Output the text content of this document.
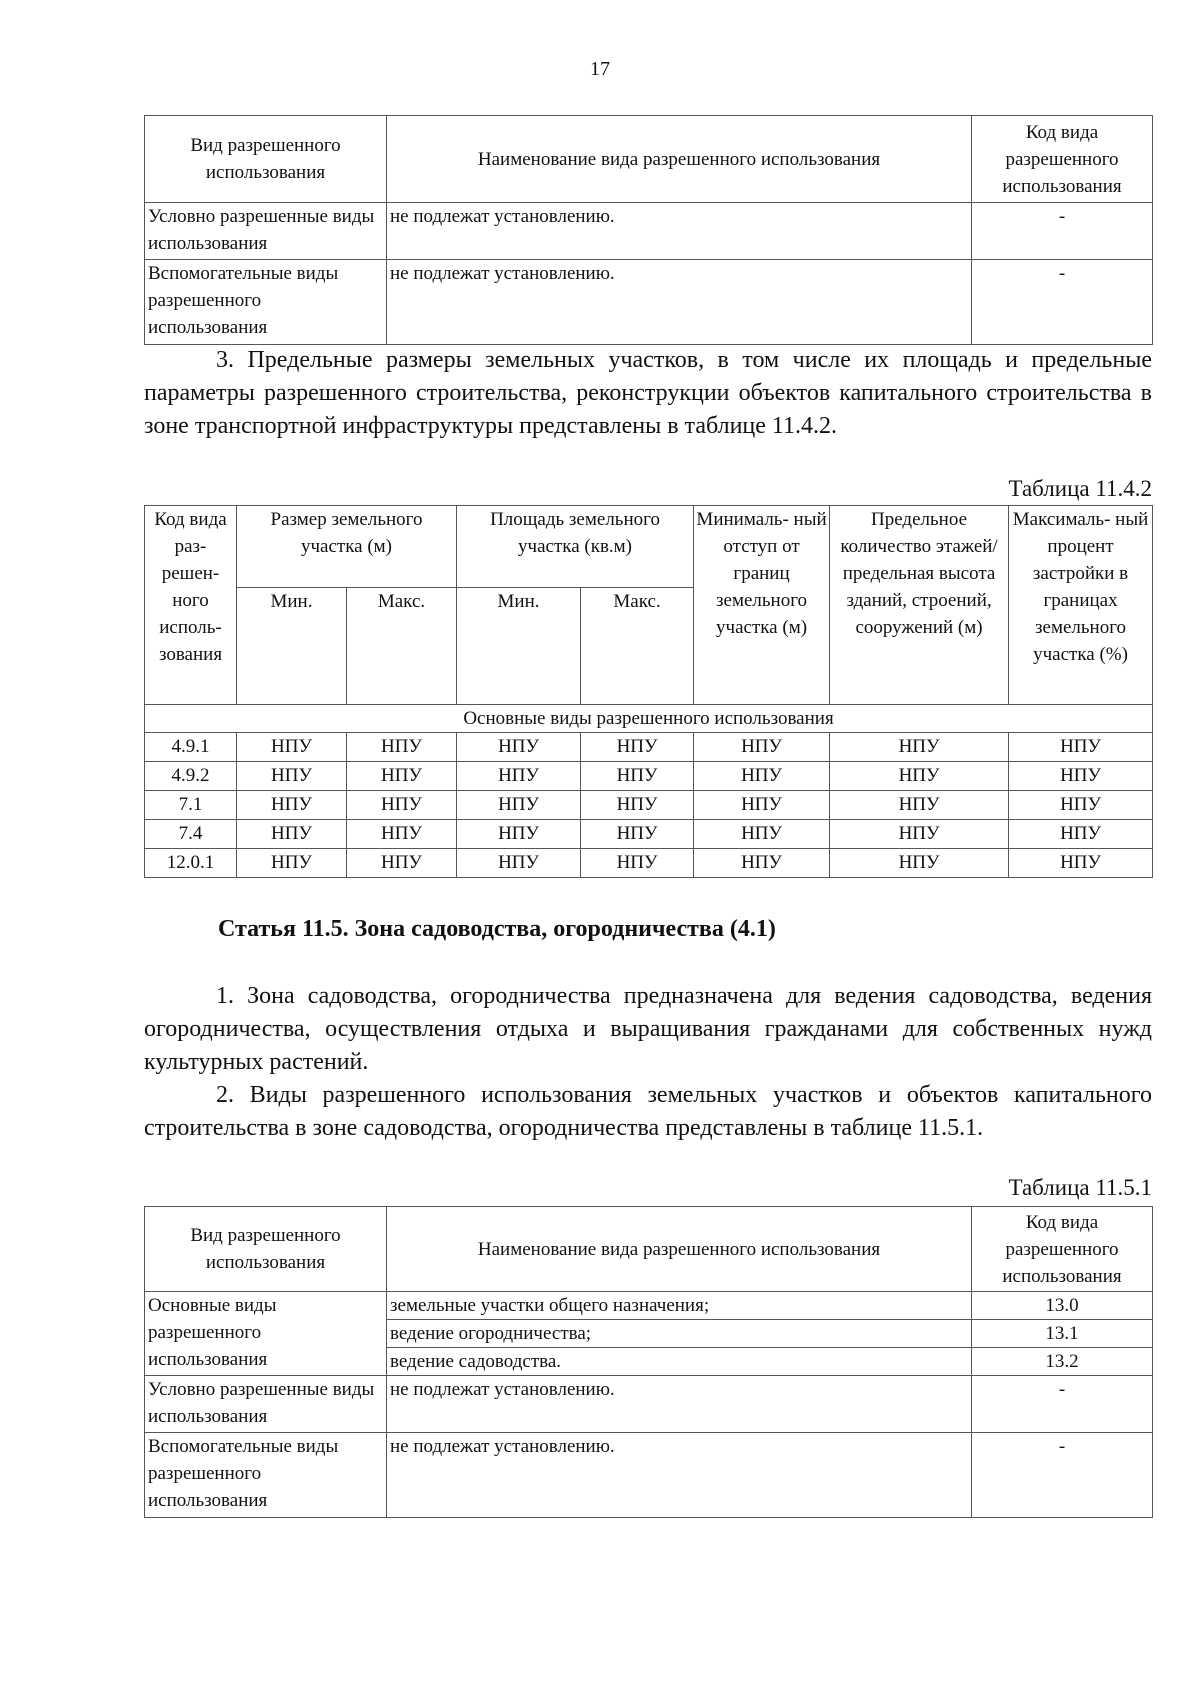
17
Вид разрешенного использования	Наименование вида разрешенного использования	Код вида разрешенного использования
Условно разрешенные виды использования	не подлежат установлению.	-
Вспомогательные виды разрешенного использования	не подлежат установлению.	-

3. Предельные размеры земельных участков, в том числе их площадь и предельные параметры разрешенного строительства, реконструкции объектов капитального строительства в зоне транспортной инфраструктуры представлены в таблице 11.4.2.

Таблица 11.4.2
Код вида раз- решен- ного исполь- зования	Размер земельного участка (м)		Площадь земельного участка (кв.м)		Минималь- ный отступ от границ земельного участка (м)	Предельное количество этажей/ предельная высота зданий, строений, сооружений (м)	Максималь- ный процент застройки в границах земельного участка (%)
	Мин.	Макс.	Мин.	Макс.			
Основные виды разрешенного использования							
4.9.1	НПУ	НПУ	НПУ	НПУ	НПУ	НПУ	НПУ
4.9.2	НПУ	НПУ	НПУ	НПУ	НПУ	НПУ	НПУ
7.1	НПУ	НПУ	НПУ	НПУ	НПУ	НПУ	НПУ
7.4	НПУ	НПУ	НПУ	НПУ	НПУ	НПУ	НПУ
12.0.1	НПУ	НПУ	НПУ	НПУ	НПУ	НПУ	НПУ
Статья 11.5. Зона садоводства, огородничества (4.1)

1. Зона садоводства, огородничества предназначена для ведения садоводства, ведения огородничества, осуществления отдыха и выращивания гражданами для собственных нужд культурных растений.

2. Виды разрешенного использования земельных участков и объектов капитального строительства в зоне садоводства, огородничества представлены в таблице 11.5.1.

Таблица 11.5.1
Вид разрешенного использования	Наименование вида разрешенного использования	Код вида разрешенного использования
Основные виды разрешенного использования	земельные участки общего назначения;	13.0
	ведение огородничества;	13.1
	ведение садоводства.	13.2
Условно разрешенные виды использования	не подлежат установлению.	-
Вспомогательные виды разрешенного использования	не подлежат установлению.	-
